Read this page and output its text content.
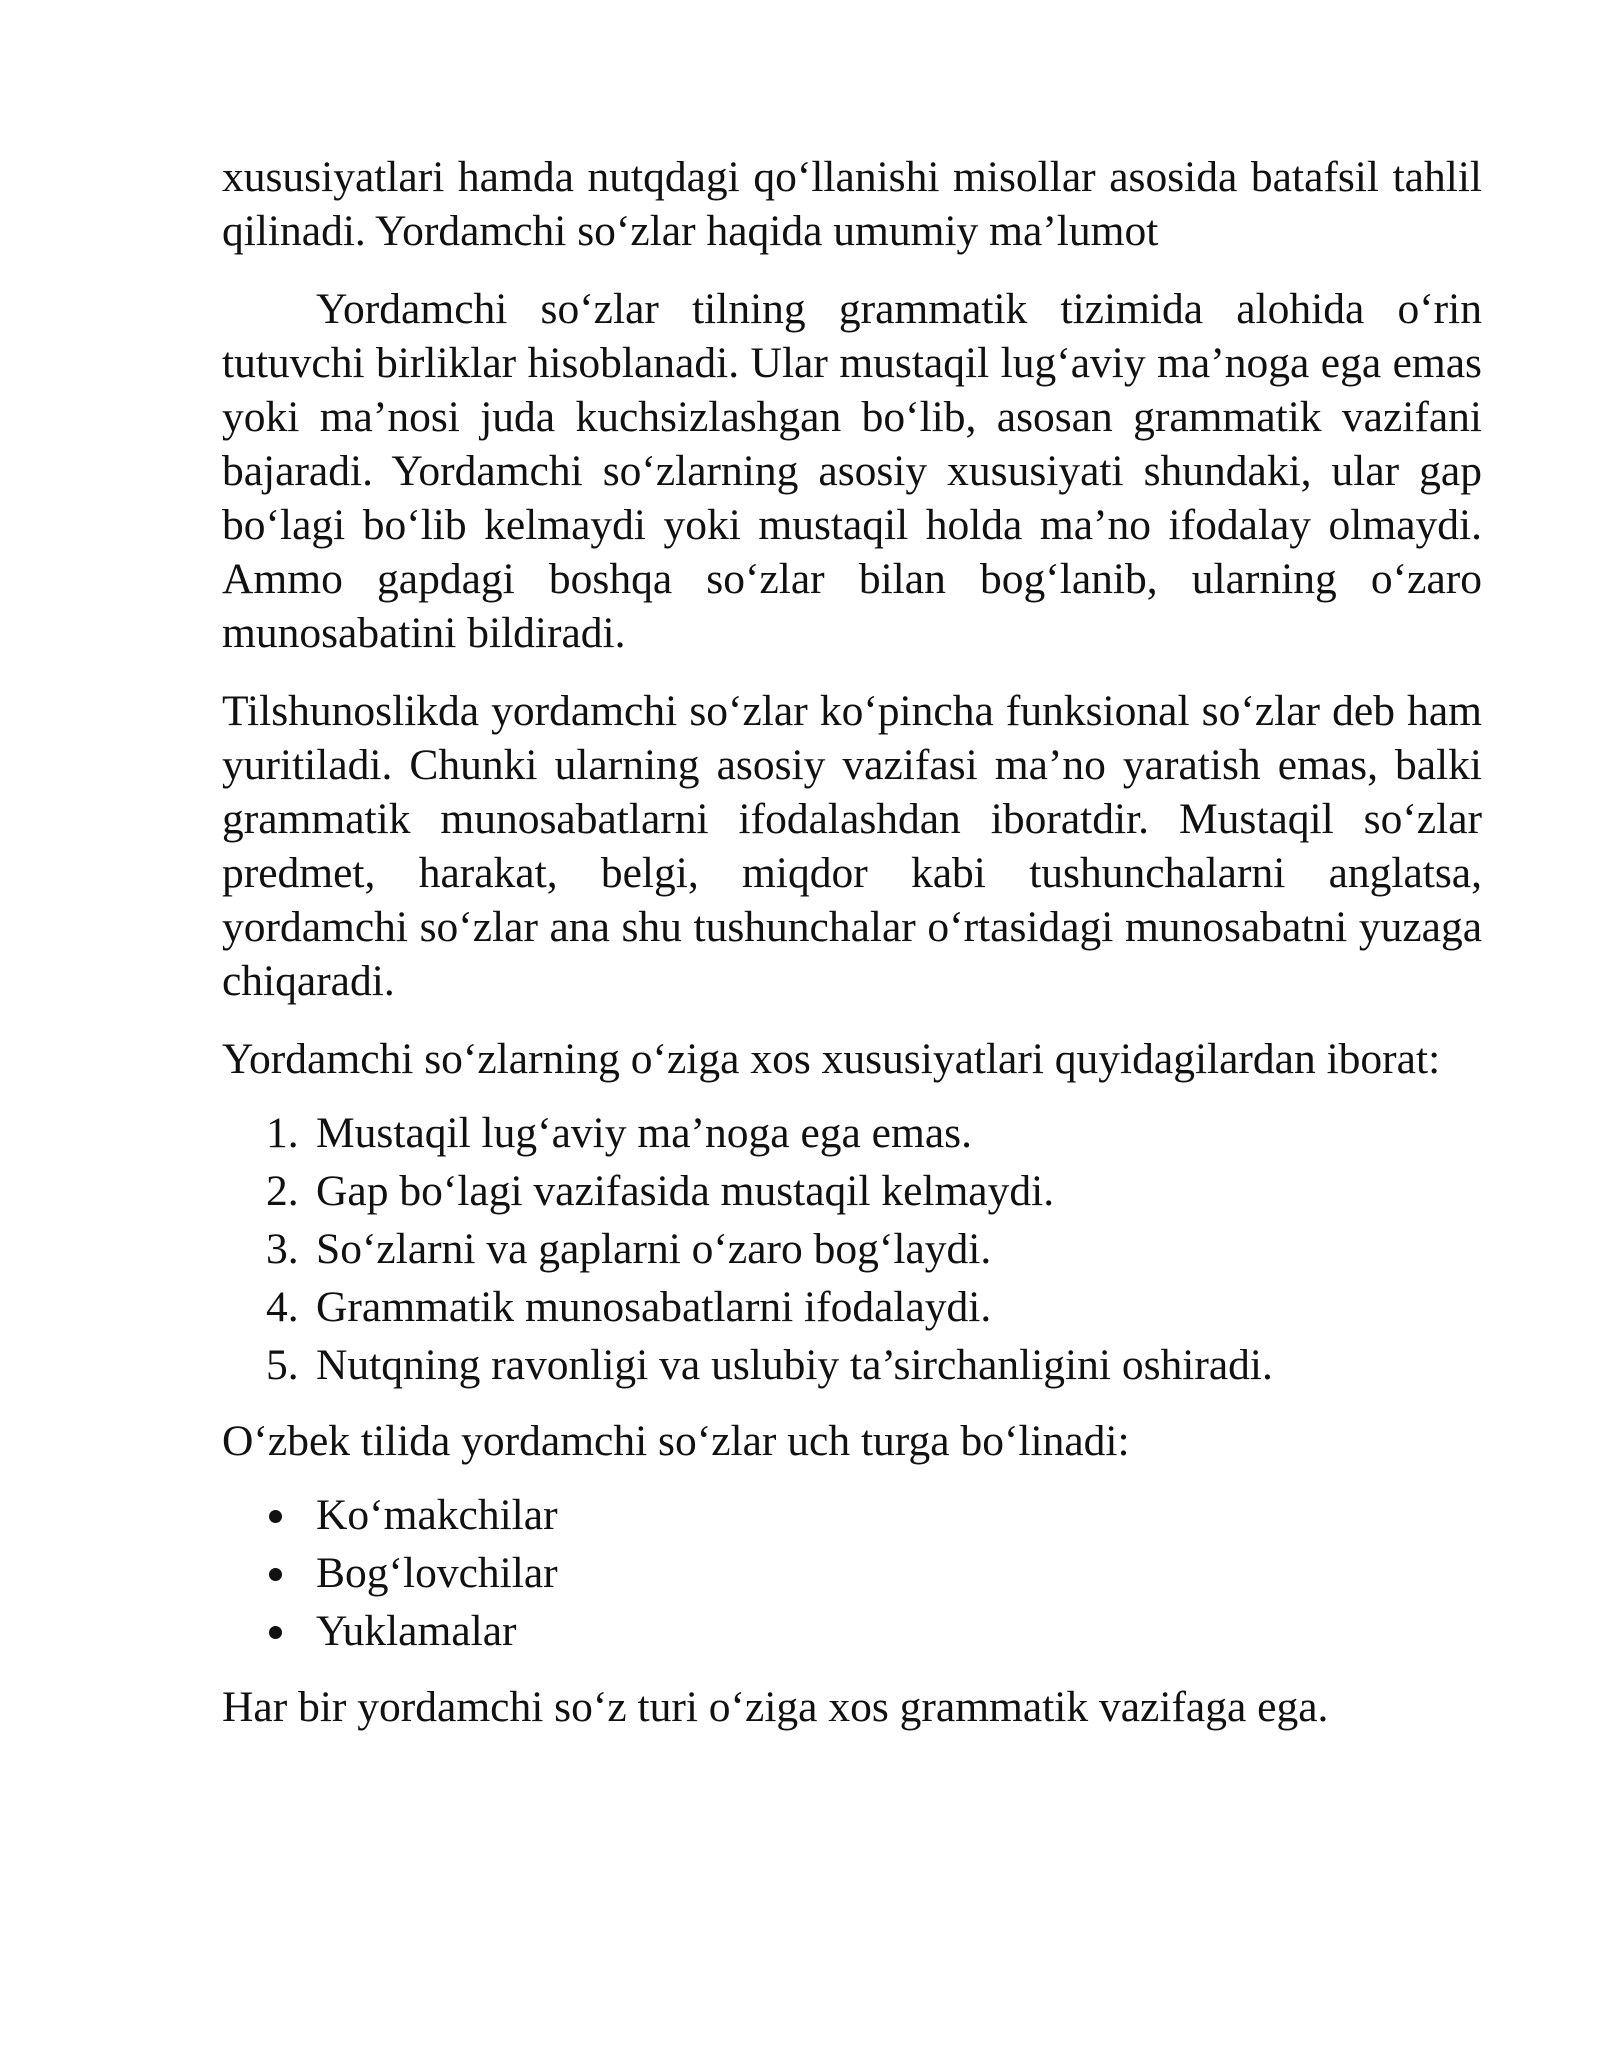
xususiyatlari hamda nutqdagi qo‘llanishi misollar asosida batafsil tahlil qilinadi. Yordamchi so‘zlar haqida umumiy ma’lumot

Yordamchi so‘zlar tilning grammatik tizimida alohida o‘rin tutuvchi birliklar hisoblanadi. Ular mustaqil lug‘aviy ma’noga ega emas yoki ma’nosi juda kuchsizlashgan bo‘lib, asosan grammatik vazifani bajaradi. Yordamchi so‘zlarning asosiy xususiyati shundaki, ular gap bo‘lagi bo‘lib kelmaydi yoki mustaqil holda ma’no ifodalay olmaydi. Ammo gapdagi boshqa so‘zlar bilan bog‘lanib, ularning o‘zaro munosabatini bildiradi.

Tilshunoslikda yordamchi so‘zlar ko‘pincha funksional so‘zlar deb ham yuritiladi. Chunki ularning asosiy vazifasi ma’no yaratish emas, balki grammatik munosabatlarni ifodalashdan iboratdir. Mustaqil so‘zlar predmet, harakat, belgi, miqdor kabi tushunchalarni anglatsa, yordamchi so‘zlar ana shu tushunchalar o‘rtasidagi munosabatni yuzaga chiqaradi.

Yordamchi so‘zlarning o‘ziga xos xususiyatlari quyidagilardan iborat:

1. Mustaqil lug‘aviy ma’noga ega emas.
2. Gap bo‘lagi vazifasida mustaqil kelmaydi.
3. So‘zlarni va gaplarni o‘zaro bog‘laydi.
4. Grammatik munosabatlarni ifodalaydi.
5. Nutqning ravonligi va uslubiy ta’sirchanligini oshiradi.

O‘zbek tilida yordamchi so‘zlar uch turga bo‘linadi:

Ko‘makchilar
Bog‘lovchilar
Yuklamalar

Har bir yordamchi so‘z turi o‘ziga xos grammatik vazifaga ega.
